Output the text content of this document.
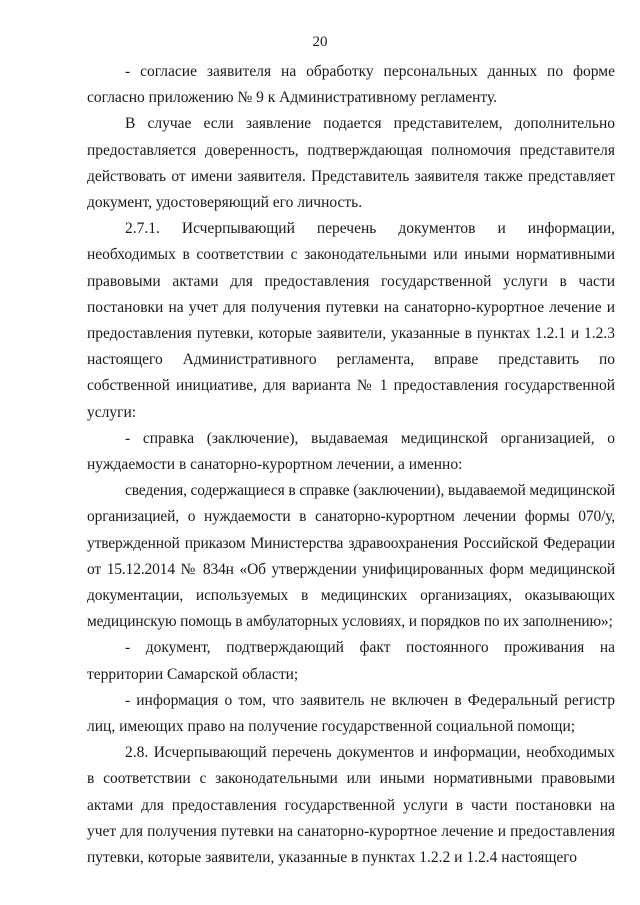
20

- согласие заявителя на обработку персональных данных по форме согласно приложению № 9 к Административному регламенту.

В случае если заявление подается представителем, дополнительно предоставляется доверенность, подтверждающая полномочия представителя действовать от имени заявителя. Представитель заявителя также представляет документ, удостоверяющий его личность.

2.7.1. Исчерпывающий перечень документов и информации, необходимых в соответствии с законодательными или иными нормативными правовыми актами для предоставления государственной услуги в части постановки на учет для получения путевки на санаторно-курортное лечение и предоставления путевки, которые заявители, указанные в пунктах 1.2.1 и 1.2.3 настоящего Административного регламента, вправе представить по собственной инициативе, для варианта № 1 предоставления государственной услуги:

- справка (заключение), выдаваемая медицинской организацией, о нуждаемости в санаторно-курортном лечении, а именно:

сведения, содержащиеся в справке (заключении), выдаваемой медицинской организацией, о нуждаемости в санаторно-курортном лечении формы 070/у, утвержденной приказом Министерства здравоохранения Российской Федерации от 15.12.2014 № 834н «Об утверждении унифицированных форм медицинской документации, используемых в медицинских организациях, оказывающих медицинскую помощь в амбулаторных условиях, и порядков по их заполнению»;

- документ, подтверждающий факт постоянного проживания на территории Самарской области;

- информация о том, что заявитель не включен в Федеральный регистр лиц, имеющих право на получение государственной социальной помощи;

2.8. Исчерпывающий перечень документов и информации, необходимых в соответствии с законодательными или иными нормативными правовыми актами для предоставления государственной услуги в части постановки на учет для получения путевки на санаторно-курортное лечение и предоставления путевки, которые заявители, указанные в пунктах 1.2.2 и 1.2.4 настоящего
